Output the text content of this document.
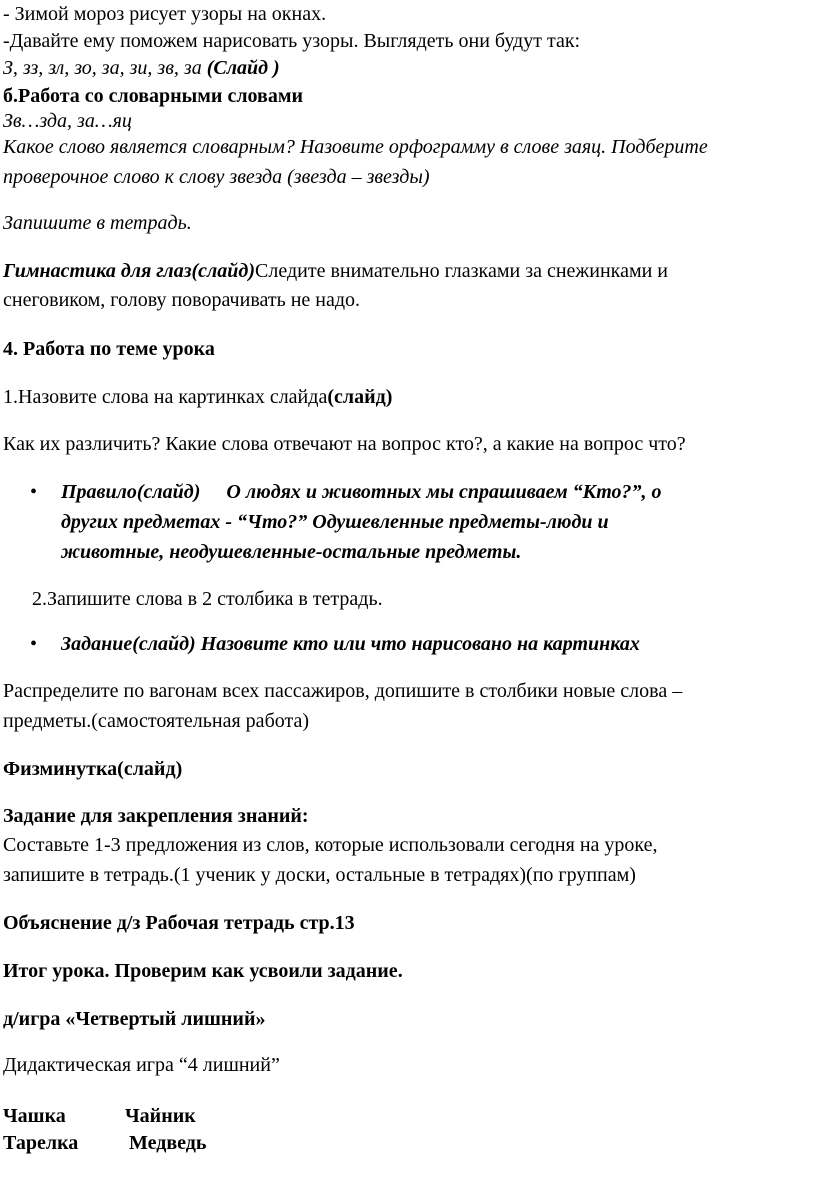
- Зимой мороз рисует узоры на окнах.
-Давайте ему поможем нарисовать узоры. Выглядеть они будут так:
З, зз, зл, зо, за, зи, зв, за (Слайд )
б.Работа со словарными словами
Зв…зда, за…яц
Какое слово является словарным? Назовите орфограмму в слове заяц. Подберите
проверочное слово к слову звезда (звезда – звезды)
Запишите в тетрадь.
Гимнастика для глаз(слайд)Следите внимательно глазками за снежинками и
снеговиком, голову поворачивать не надо.
4. Работа по теме урока
1.Назовите слова на картинках слайда(слайд)
Как их различить? Какие слова отвечают на вопрос кто?, а какие на вопрос что?
• Правило(слайд) О людях и животных мы спрашиваем “Кто?”, о
других предметах - “Что?” Одушевленные предметы-люди и
животные, неодушевленные-остальные предметы.
2.Запишите слова в 2 столбика в тетрадь.
• Задание(слайд) Назовите кто или что нарисовано на картинках
Распределите по вагонам всех пассажиров, допишите в столбики новые слова –
предметы.(самостоятельная работа)
Физминутка(слайд)
Задание для закрепления знаний:
Составьте 1-3 предложения из слов, которые использовали сегодня на уроке,
запишите в тетрадь.(1 ученик у доски, остальные в тетрадях)(по группам)
Объяснение д/з Рабочая тетрадь стр.13
Итог урока. Проверим как усвоили задание.
д/игра «Четвертый лишний»
Дидактическая игра “4 лишний”
Чашка	Чайник
Тарелка	Медведь
